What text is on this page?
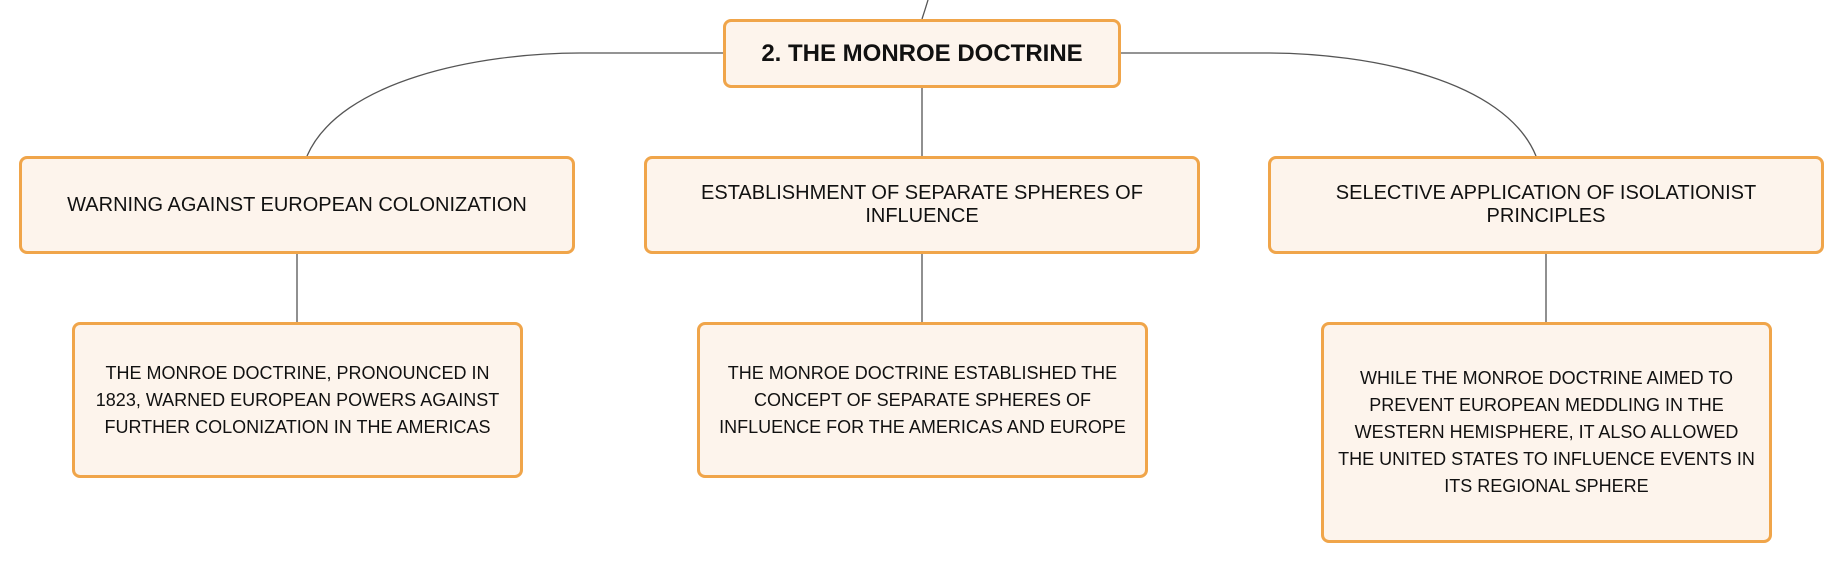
2. THE MONROE DOCTRINE
WARNING AGAINST EUROPEAN COLONIZATION
ESTABLISHMENT OF SEPARATE SPHERES OF INFLUENCE
SELECTIVE APPLICATION OF ISOLATIONIST PRINCIPLES
THE MONROE DOCTRINE, PRONOUNCED IN 1823, WARNED EUROPEAN POWERS AGAINST FURTHER COLONIZATION IN THE AMERICAS
THE MONROE DOCTRINE ESTABLISHED THE CONCEPT OF SEPARATE SPHERES OF INFLUENCE FOR THE AMERICAS AND EUROPE
WHILE THE MONROE DOCTRINE AIMED TO PREVENT EUROPEAN MEDDLING IN THE WESTERN HEMISPHERE, IT ALSO ALLOWED THE UNITED STATES TO INFLUENCE EVENTS IN ITS REGIONAL SPHERE
